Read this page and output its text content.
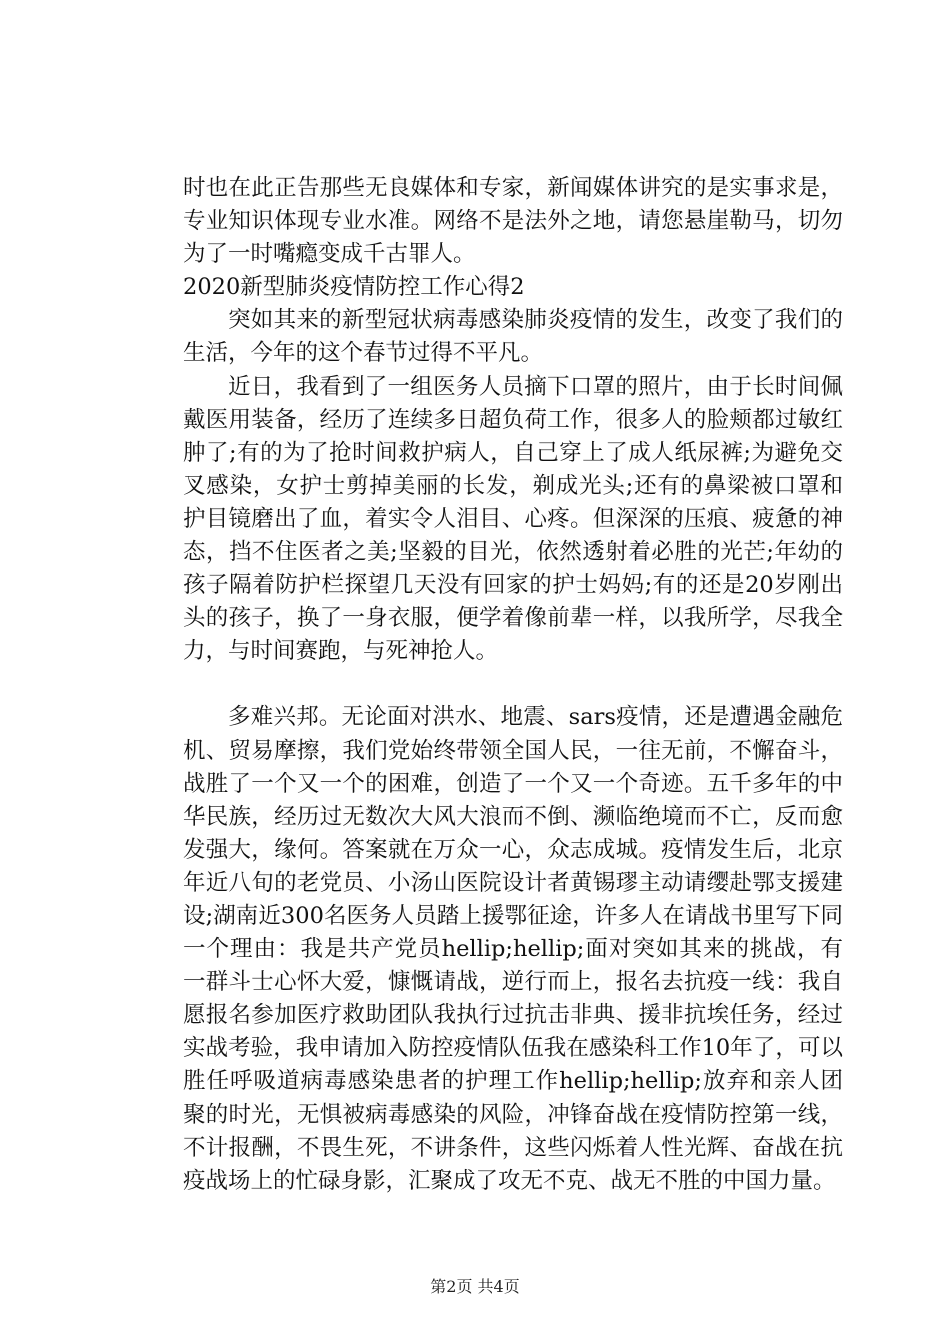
时也在此正告那些无良媒体和专家，新闻媒体讲究的是实事求是，专业知识体现专业水准。网络不是法外之地，请您悬崖勒马，切勿为了一时嘴瘾变成千古罪人。

2020新型肺炎疫情防控工作心得2

突如其来的新型冠状病毒感染肺炎疫情的发生，改变了我们的生活，今年的这个春节过得不平凡。

近日，我看到了一组医务人员摘下口罩的照片，由于长时间佩戴医用装备，经历了连续多日超负荷工作，很多人的脸颊都过敏红肿了;有的为了抢时间救护病人，自己穿上了成人纸尿裤;为避免交叉感染，女护士剪掉美丽的长发，剃成光头;还有的鼻梁被口罩和护目镜磨出了血，着实令人泪目、心疼。但深深的压痕、疲惫的神态，挡不住医者之美;坚毅的目光，依然透射着必胜的光芒;年幼的孩子隔着防护栏探望几天没有回家的护士妈妈;有的还是20岁刚出头的孩子，换了一身衣服，便学着像前辈一样，以我所学，尽我全力，与时间赛跑，与死神抢人。

多难兴邦。无论面对洪水、地震、sars疫情，还是遭遇金融危机、贸易摩擦，我们党始终带领全国人民，一往无前，不懈奋斗，战胜了一个又一个的困难，创造了一个又一个奇迹。五千多年的中华民族，经历过无数次大风大浪而不倒、濒临绝境而不亡，反而愈发强大，缘何。答案就在万众一心，众志成城。疫情发生后，北京年近八旬的老党员、小汤山医院设计者黄锡璆主动请缨赴鄂支援建设;湖南近300名医务人员踏上援鄂征途，许多人在请战书里写下同一个理由：我是共产党员hellip;hellip;面对突如其来的挑战，有一群斗士心怀大爱，慷慨请战，逆行而上，报名去抗疫一线：我自愿报名参加医疗救助团队我执行过抗击非典、援非抗埃任务，经过实战考验，我申请加入防控疫情队伍我在感染科工作10年了，可以胜任呼吸道病毒感染患者的护理工作hellip;hellip;放弃和亲人团聚的时光，无惧被病毒感染的风险，冲锋奋战在疫情防控第一线，不计报酬，不畏生死，不讲条件，这些闪烁着人性光辉、奋战在抗疫战场上的忙碌身影，汇聚成了攻无不克、战无不胜的中国力量。

第2页 共4页
